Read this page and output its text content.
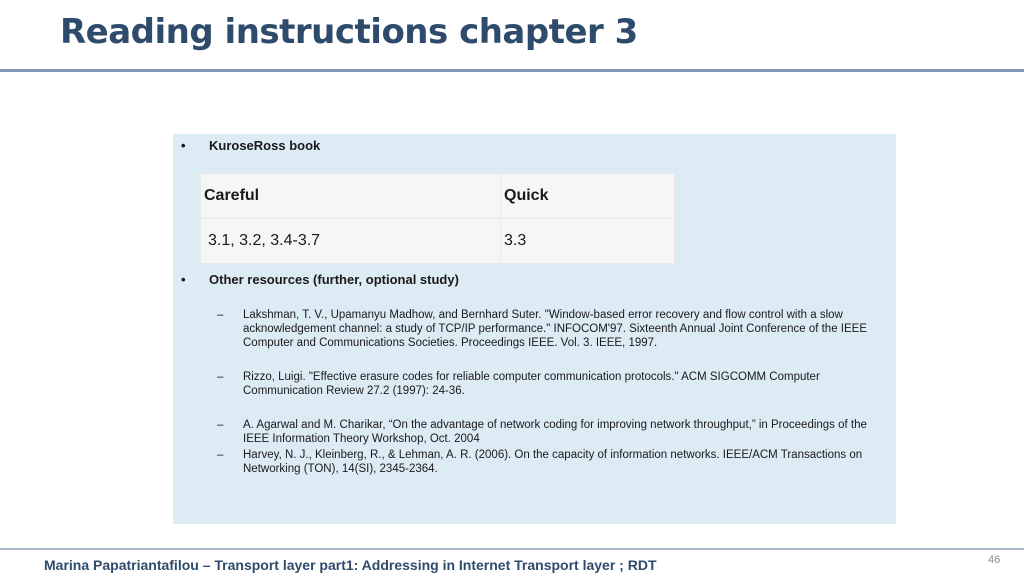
Reading instructions chapter 3
• KuroseRoss book
Careful	Quick
3.1, 3.2, 3.4-3.7	3.3
• Other resources (further, optional study)
– Lakshman, T. V., Upamanyu Madhow, and Bernhard Suter. "Window-based error recovery and flow control with a slow acknowledgement channel: a study of TCP/IP performance." INFOCOM'97. Sixteenth Annual Joint Conference of the IEEE Computer and Communications Societies. Proceedings IEEE. Vol. 3. IEEE, 1997.
– Rizzo, Luigi. "Effective erasure codes for reliable computer communication protocols." ACM SIGCOMM Computer Communication Review 27.2 (1997): 24-36.
– A. Agarwal and M. Charikar, “On the advantage of network coding for improving network throughput,” in Proceedings of the IEEE Information Theory Workshop, Oct. 2004
– Harvey, N. J., Kleinberg, R., & Lehman, A. R. (2006). On the capacity of information networks. IEEE/ACM Transactions on Networking (TON), 14(SI), 2345-2364.
Marina Papatriantafilou – Transport layer part1: Addressing in Internet Transport layer ; RDT	46
